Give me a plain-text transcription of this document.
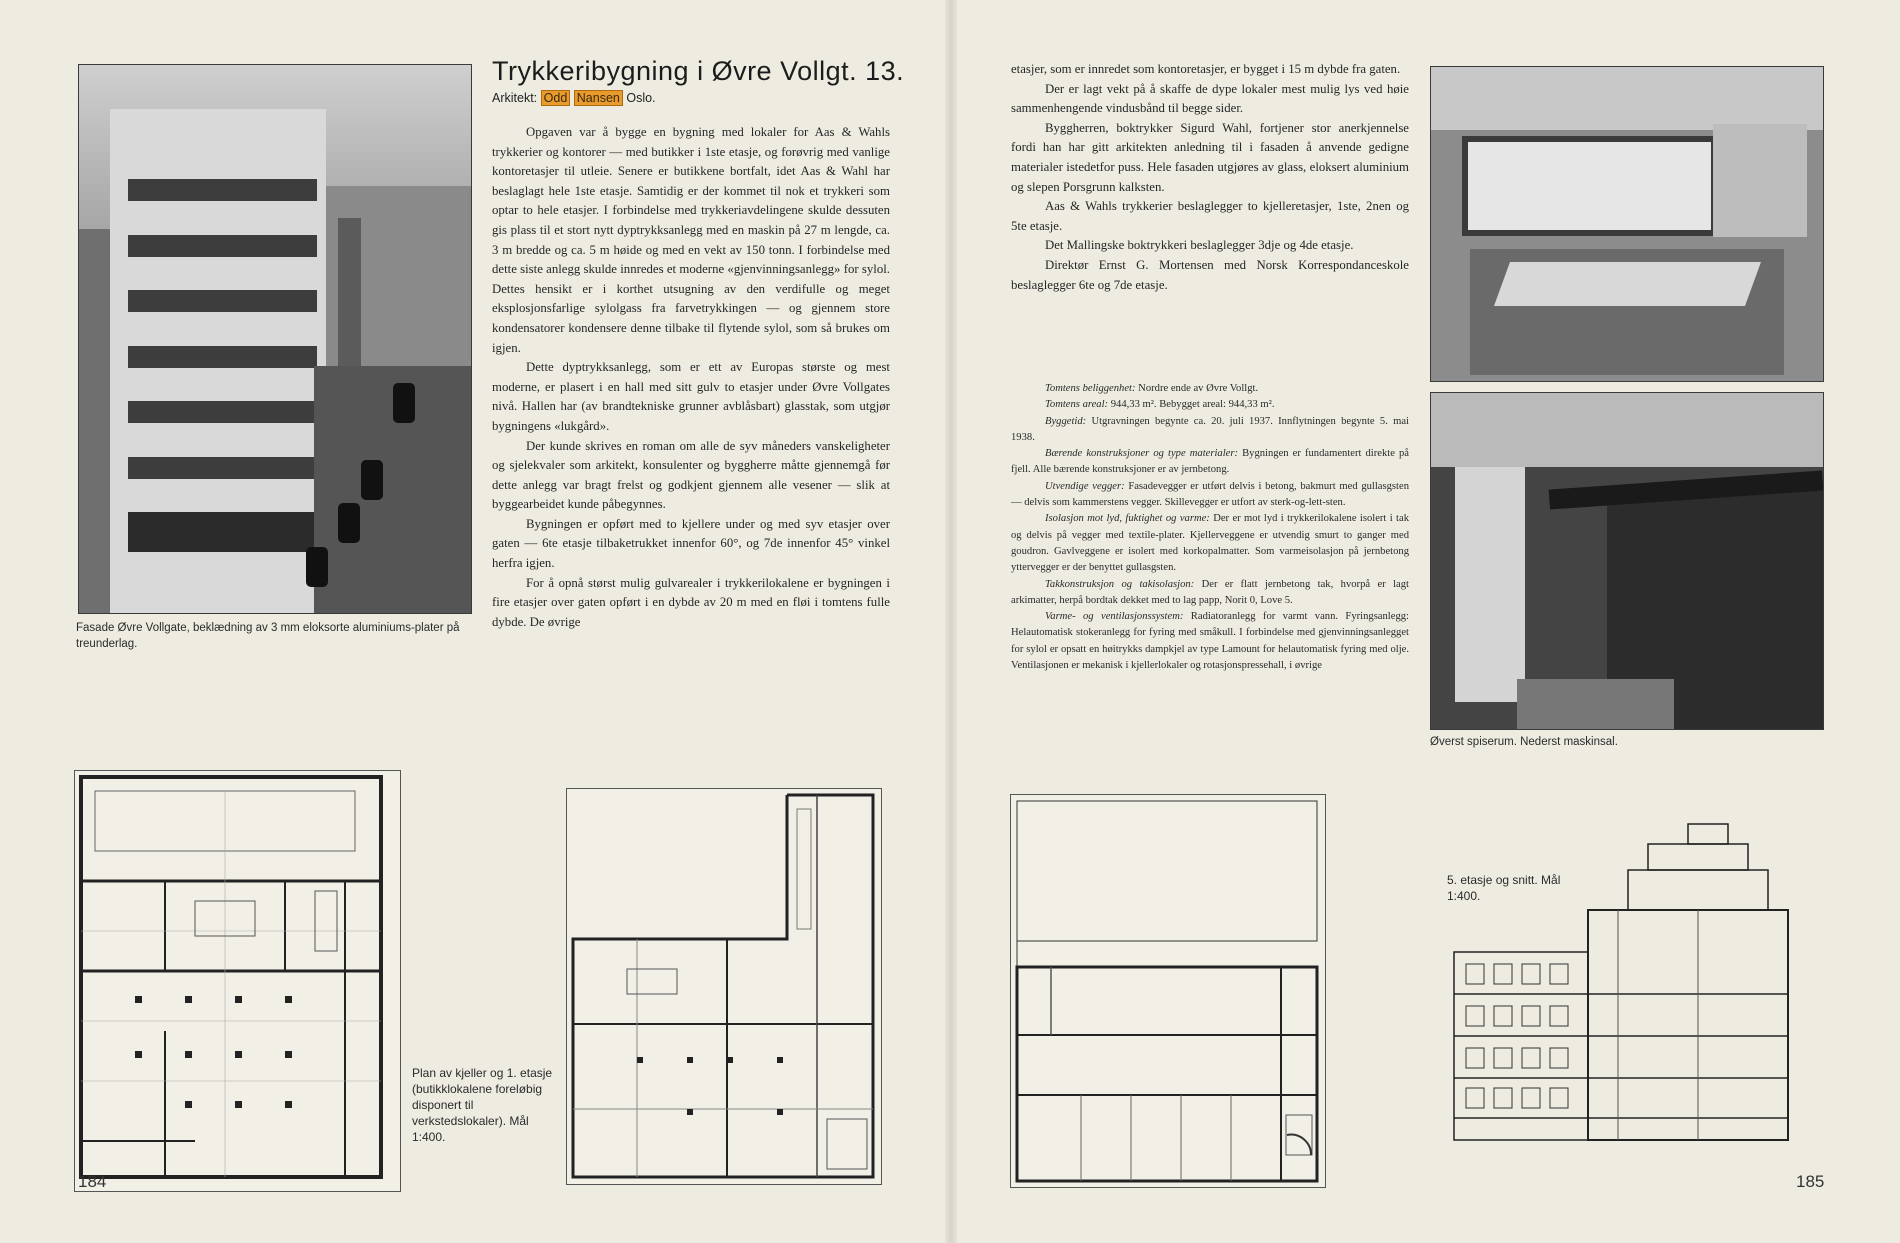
Fasade Øvre Vollgate, beklædning av 3 mm eloksorte aluminiums-plater på treunderlag.
Trykkeribygning i Øvre Vollgt. 13.
Arkitekt: Odd Nansen Oslo.

Opgaven var å bygge en bygning med lokaler for Aas & Wahls trykkerier og kontorer — med butikker i 1ste etasje, og forøvrig med vanlige kontoretasjer til utleie. Senere er butikkene bortfalt, idet Aas & Wahl har beslaglagt hele 1ste etasje. Samtidig er der kommet til nok et trykkeri som optar to hele etasjer. I forbindelse med trykkeriavdelingene skulde dessuten gis plass til et stort nytt dyptrykksanlegg med en maskin på 27 m lengde, ca. 3 m bredde og ca. 5 m høide og med en vekt av 150 tonn. I forbindelse med dette siste anlegg skulde innredes et moderne «gjenvinningsanlegg» for sylol. Dettes hensikt er i korthet utsugning av den verdifulle og meget eksplosjonsfarlige sylolgass fra farvetrykkingen — og gjennem store kondensatorer kondensere denne tilbake til flytende sylol, som så brukes om igjen.

Dette dyptrykksanlegg, som er ett av Europas største og mest moderne, er plasert i en hall med sitt gulv to etasjer under Øvre Vollgates nivå. Hallen har (av brandtekniske grunner avblåsbart) glasstak, som utgjør bygningens «lukgård».

Der kunde skrives en roman om alle de syv måneders vanskeligheter og sjelekvaler som arkitekt, konsulenter og byggherre måtte gjennemgå før dette anlegg var bragt frelst og godkjent gjennem alle vesener — slik at byggearbeidet kunde påbegynnes.

Bygningen er opført med to kjellere under og med syv etasjer over gaten — 6te etasje tilbaketrukket innenfor 60°, og 7de innenfor 45° vinkel herfra igjen.

For å opnå størst mulig gulvarealer i trykkerilokalene er bygningen i fire etasjer over gaten opført i en dybde av 20 m med en fløi i tomtens fulle dybde. De øvrige

Plan av kjeller og 1. etasje (butikklokalene foreløbig disponert til verkstedslokaler). Mål 1:400.
184

etasjer, som er innredet som kontoretasjer, er bygget i 15 m dybde fra gaten.

Der er lagt vekt på å skaffe de dype lokaler mest mulig lys ved høie sammenhengende vindusbånd til begge sider.

Byggherren, boktrykker Sigurd Wahl, fortjener stor anerkjennelse fordi han har gitt arkitekten anledning til i fasaden å anvende gedigne materialer istedetfor puss. Hele fasaden utgjøres av glass, eloksert aluminium og slepen Porsgrunn kalksten.

Aas & Wahls trykkerier beslaglegger to kjelleretasjer, 1ste, 2nen og 5te etasje.

Det Mallingske boktrykkeri beslaglegger 3dje og 4de etasje.

Direktør Ernst G. Mortensen med Norsk Korrespondanceskole beslaglegger 6te og 7de etasje.

Tomtens beliggenhet: Nordre ende av Øvre Vollgt.

Tomtens areal: 944,33 m². Bebygget areal: 944,33 m².

Byggetid: Utgravningen begynte ca. 20. juli 1937. Innflytningen begynte 5. mai 1938.

Bærende konstruksjoner og type materialer: Bygningen er fundamentert direkte på fjell. Alle bærende konstruksjoner er av jernbetong.

Utvendige vegger: Fasadevegger er utført delvis i betong, bakmurt med gullasgsten — delvis som kammerstens vegger. Skillevegger er utfort av sterk-og-lett-sten.

Isolasjon mot lyd, fuktighet og varme: Der er mot lyd i trykkerilokalene isolert i tak og delvis på vegger med textile-plater. Kjellerveggene er utvendig smurt to ganger med goudron. Gavlveggene er isolert med korkopalmatter. Som varmeisolasjon på jernbetong yttervegger er der benyttet gullasgsten.

Takkonstruksjon og takisolasjon: Der er flatt jernbetong tak, hvorpå er lagt arkimatter, herpå bordtak dekket med to lag papp, Norit 0, Love 5.

Varme- og ventilasjonssystem: Radiatoranlegg for varmt vann. Fyringsanlegg: Helautomatisk stokeranlegg for fyring med småkull. I forbindelse med gjenvinningsanlegget for sylol er opsatt en høitrykks dampkjel av type Lamount for helautomatisk fyring med olje. Ventilasjonen er mekanisk i kjellerlokaler og rotasjonspressehall, i øvrige

Øverst spiserum. Nederst maskinsal.
5. etasje og snitt. Mål 1:400.
185
